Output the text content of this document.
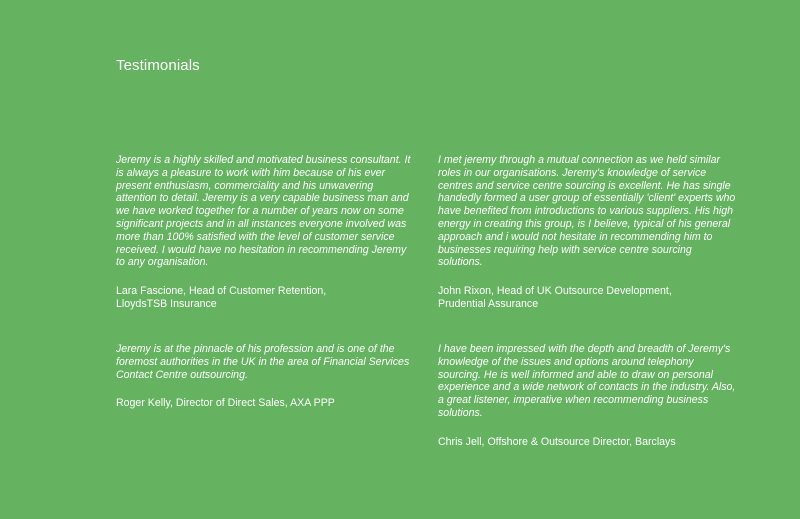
Testimonials

Jeremy is a highly skilled and motivated business consultant. It is always a pleasure to work with him because of his ever present enthusiasm, commerciality and his unwavering attention to detail. Jeremy is a very capable business man and we have worked together for a number of years now on some significant projects and in all instances everyone involved was more than 100% satisfied with the level of customer service received. I would have no hesitation in recommending Jeremy to any organisation.

Lara Fascione, Head of Customer Retention,
LloydsTSB Insurance

I met jeremy through a mutual connection as we held similar roles in our organisations. Jeremy's knowledge of service centres and service centre sourcing is excellent. He has single handedly formed a user group of essentially 'client' experts who have benefited from introductions to various suppliers. His high energy in creating this group, is I believe, typical of his general approach and i would not hesitate in recommending him to businesses requiring help with service centre sourcing solutions.

John Rixon, Head of UK Outsource Development,
Prudential Assurance

Jeremy is at the pinnacle of his profession and is one of the foremost authorities in the UK in the area of Financial Services Contact Centre outsourcing.

Roger Kelly, Director of Direct Sales, AXA PPP

I have been impressed with the depth and breadth of Jeremy's knowledge of the issues and options around telephony sourcing. He is well informed and able to draw on personal experience and a wide network of contacts in the industry. Also, a great listener, imperative when recommending business solutions.

Chris Jell, Offshore & Outsource Director, Barclays
